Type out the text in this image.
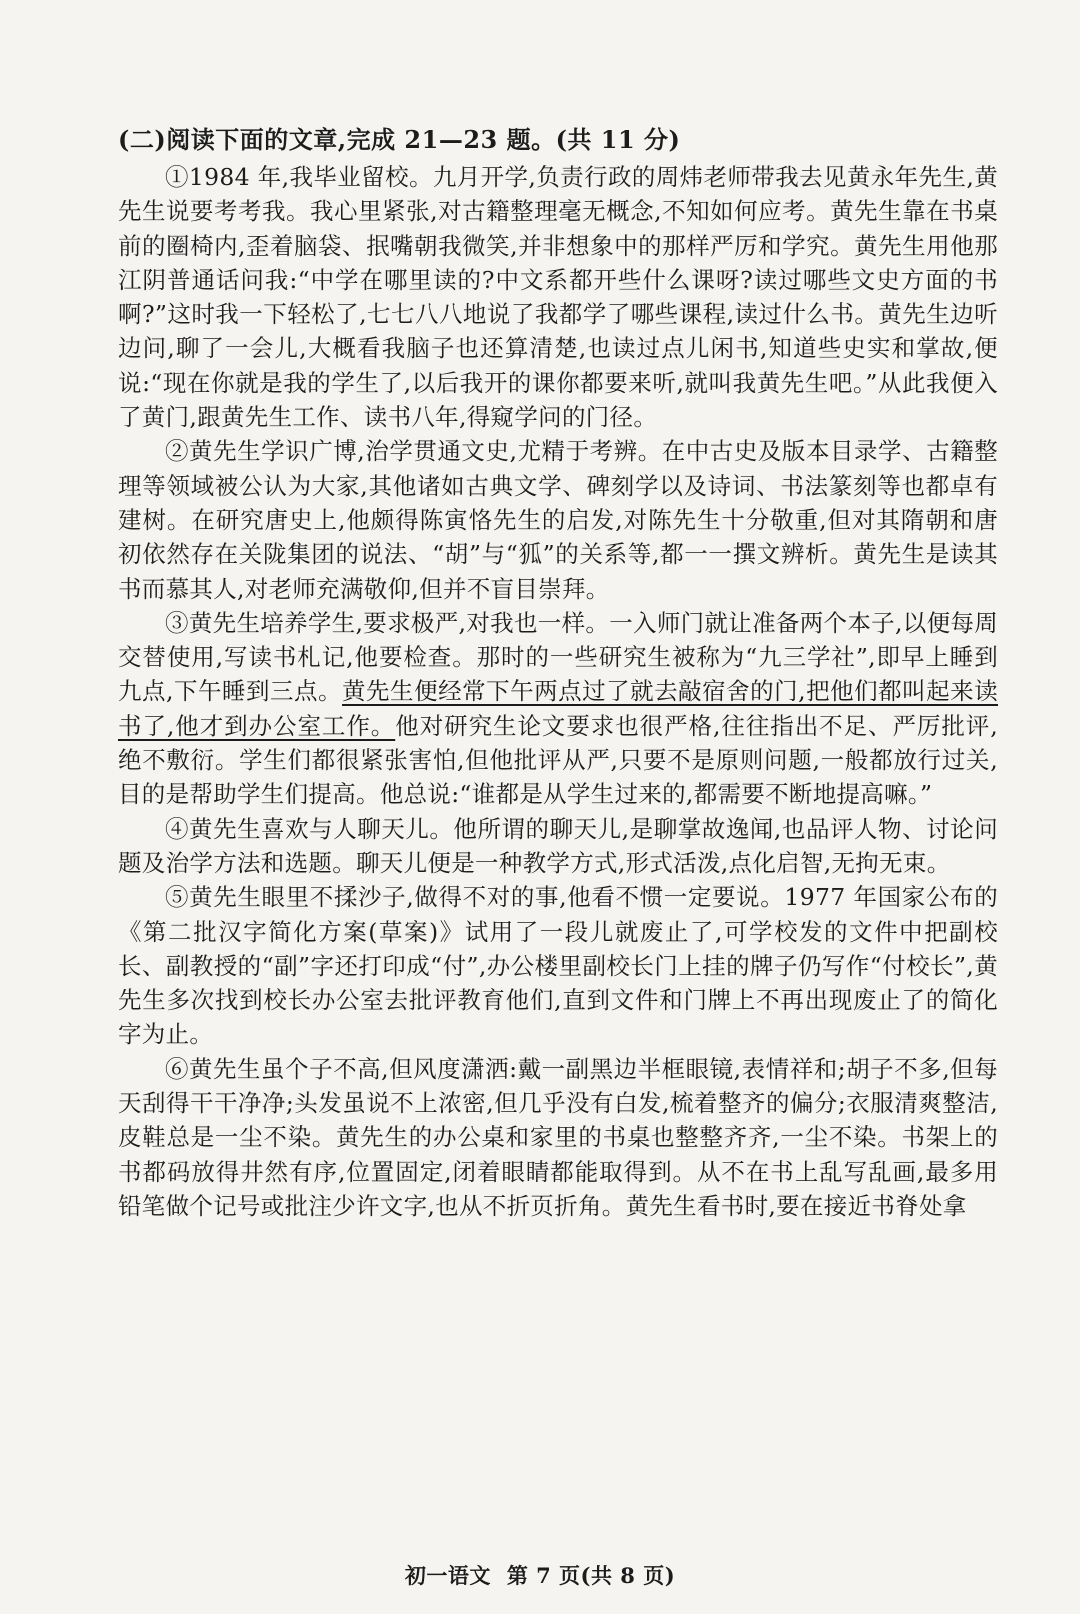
(二)阅读下面的文章,完成 21—23 题。(共 11 分)

①1984 年,我毕业留校。九月开学,负责行政的周炜老师带我去见黄永年先生,黄先生说要考考我。我心里紧张,对古籍整理毫无概念,不知如何应考。黄先生靠在书桌前的圈椅内,歪着脑袋、抿嘴朝我微笑,并非想象中的那样严厉和学究。黄先生用他那江阴普通话问我:“中学在哪里读的?中文系都开些什么课呀?读过哪些文史方面的书啊?”这时我一下轻松了,七七八八地说了我都学了哪些课程,读过什么书。黄先生边听边问,聊了一会儿,大概看我脑子也还算清楚,也读过点儿闲书,知道些史实和掌故,便说:“现在你就是我的学生了,以后我开的课你都要来听,就叫我黄先生吧。”从此我便入了黄门,跟黄先生工作、读书八年,得窥学问的门径。

②黄先生学识广博,治学贯通文史,尤精于考辨。在中古史及版本目录学、古籍整理等领域被公认为大家,其他诸如古典文学、碑刻学以及诗词、书法篆刻等也都卓有建树。在研究唐史上,他颇得陈寅恪先生的启发,对陈先生十分敬重,但对其隋朝和唐初依然存在关陇集团的说法、“胡”与“狐”的关系等,都一一撰文辨析。黄先生是读其书而慕其人,对老师充满敬仰,但并不盲目崇拜。

③黄先生培养学生,要求极严,对我也一样。一入师门就让准备两个本子,以便每周交替使用,写读书札记,他要检查。那时的一些研究生被称为“九三学社”,即早上睡到九点,下午睡到三点。黄先生便经常下午两点过了就去敲宿舍的门,把他们都叫起来读书了,他才到办公室工作。他对研究生论文要求也很严格,往往指出不足、严厉批评,绝不敷衍。学生们都很紧张害怕,但他批评从严,只要不是原则问题,一般都放行过关,目的是帮助学生们提高。他总说:“谁都是从学生过来的,都需要不断地提高嘛。”

④黄先生喜欢与人聊天儿。他所谓的聊天儿,是聊掌故逸闻,也品评人物、讨论问题及治学方法和选题。聊天儿便是一种教学方式,形式活泼,点化启智,无拘无束。

⑤黄先生眼里不揉沙子,做得不对的事,他看不惯一定要说。1977 年国家公布的《第二批汉字简化方案(草案)》试用了一段儿就废止了,可学校发的文件中把副校长、副教授的“副”字还打印成“付”,办公楼里副校长门上挂的牌子仍写作“付校长”,黄先生多次找到校长办公室去批评教育他们,直到文件和门牌上不再出现废止了的简化字为止。

⑥黄先生虽个子不高,但风度潇洒:戴一副黑边半框眼镜,表情祥和;胡子不多,但每天刮得干干净净;头发虽说不上浓密,但几乎没有白发,梳着整齐的偏分;衣服清爽整洁,皮鞋总是一尘不染。黄先生的办公桌和家里的书桌也整整齐齐,一尘不染。书架上的书都码放得井然有序,位置固定,闭着眼睛都能取得到。从不在书上乱写乱画,最多用铅笔做个记号或批注少许文字,也从不折页折角。黄先生看书时,要在接近书脊处拿

初一语文 第 7 页(共 8 页)
